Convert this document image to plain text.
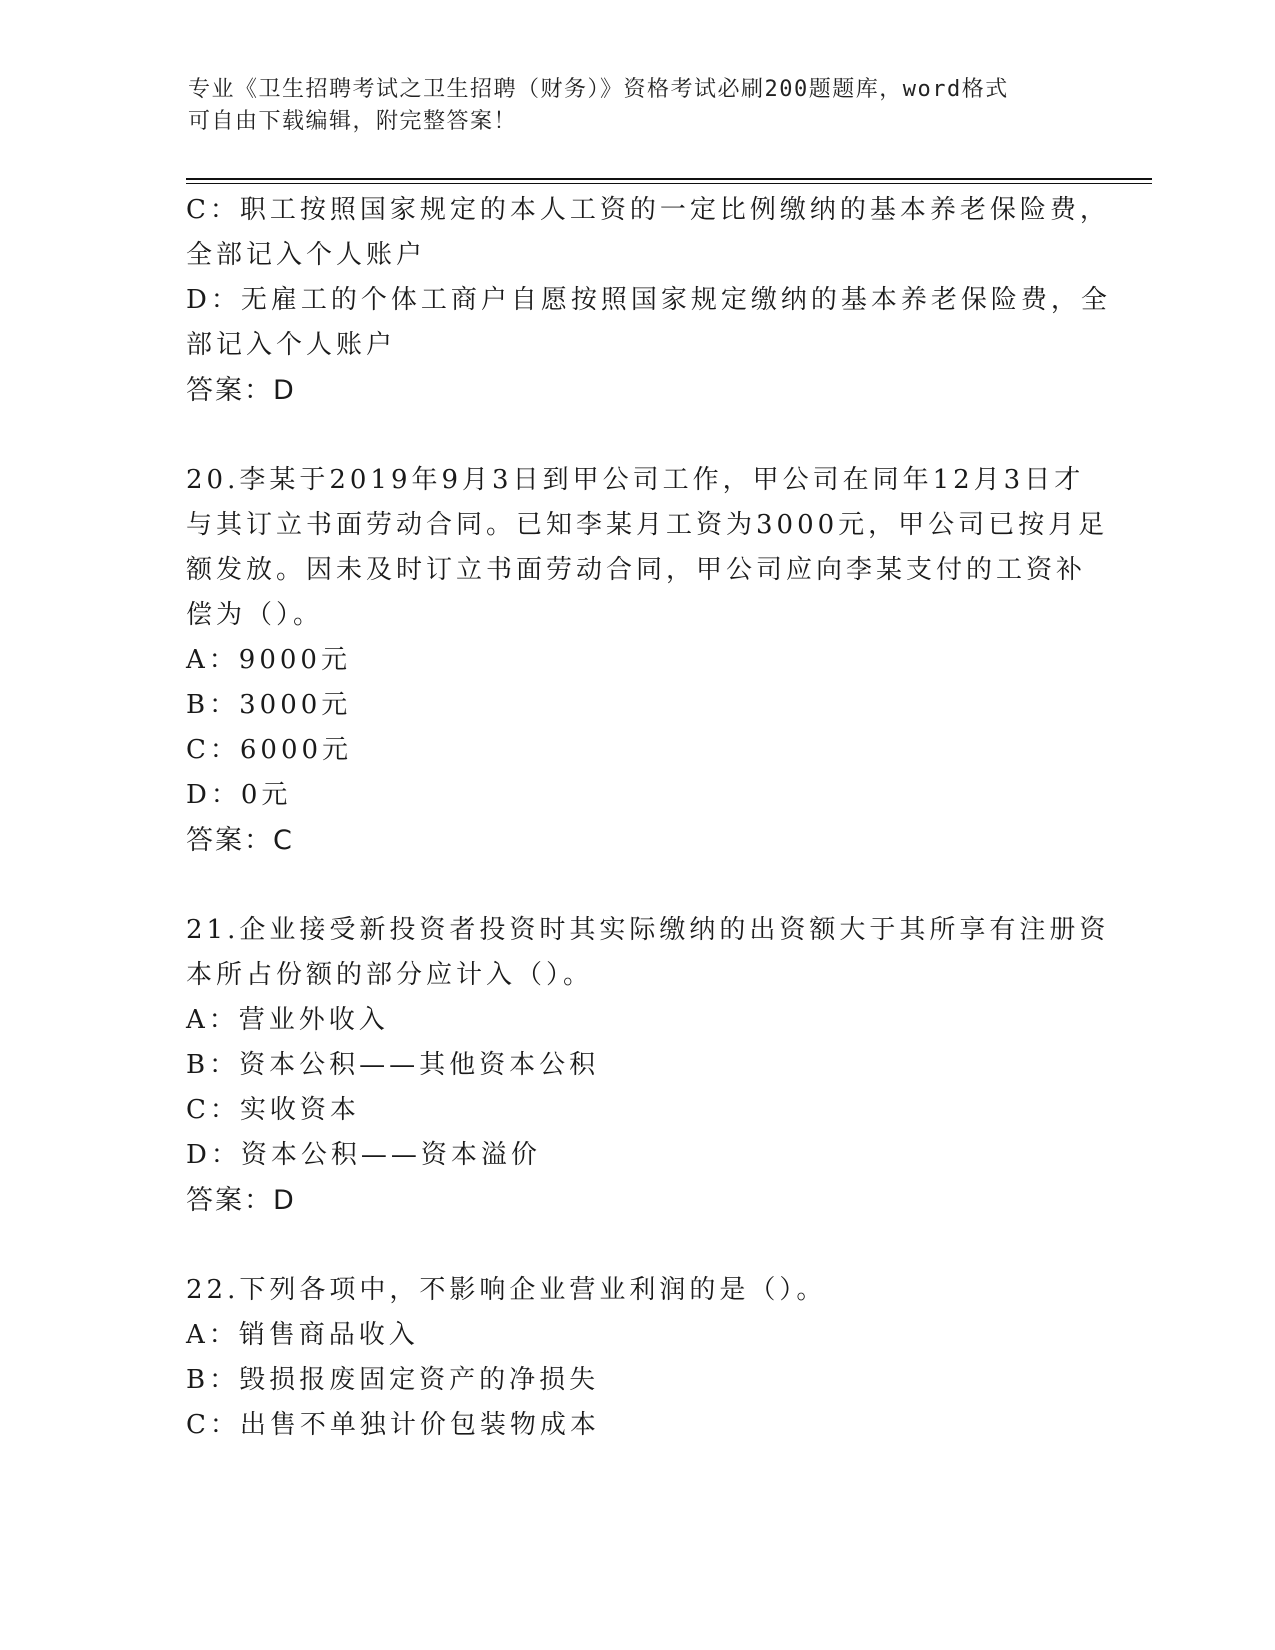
专业《卫生招聘考试之卫生招聘（财务）》资格考试必刷200题题库，word格式
可自由下载编辑，附完整答案！
C：职工按照国家规定的本人工资的一定比例缴纳的基本养老保险费，
全部记入个人账户
D：无雇工的个体工商户自愿按照国家规定缴纳的基本养老保险费，全
部记入个人账户
答案：D
20.李某于2019年9月3日到甲公司工作，甲公司在同年12月3日才
与其订立书面劳动合同。已知李某月工资为3000元，甲公司已按月足
额发放。因未及时订立书面劳动合同，甲公司应向李某支付的工资补
偿为（）。
A：9000元
B：3000元
C：6000元
D：0元
答案：C
21.企业接受新投资者投资时其实际缴纳的出资额大于其所享有注册资
本所占份额的部分应计入（）。
A：营业外收入
B：资本公积——其他资本公积
C：实收资本
D：资本公积——资本溢价
答案：D
22.下列各项中，不影响企业营业利润的是（）。
A：销售商品收入
B：毁损报废固定资产的净损失
C：出售不单独计价包装物成本
